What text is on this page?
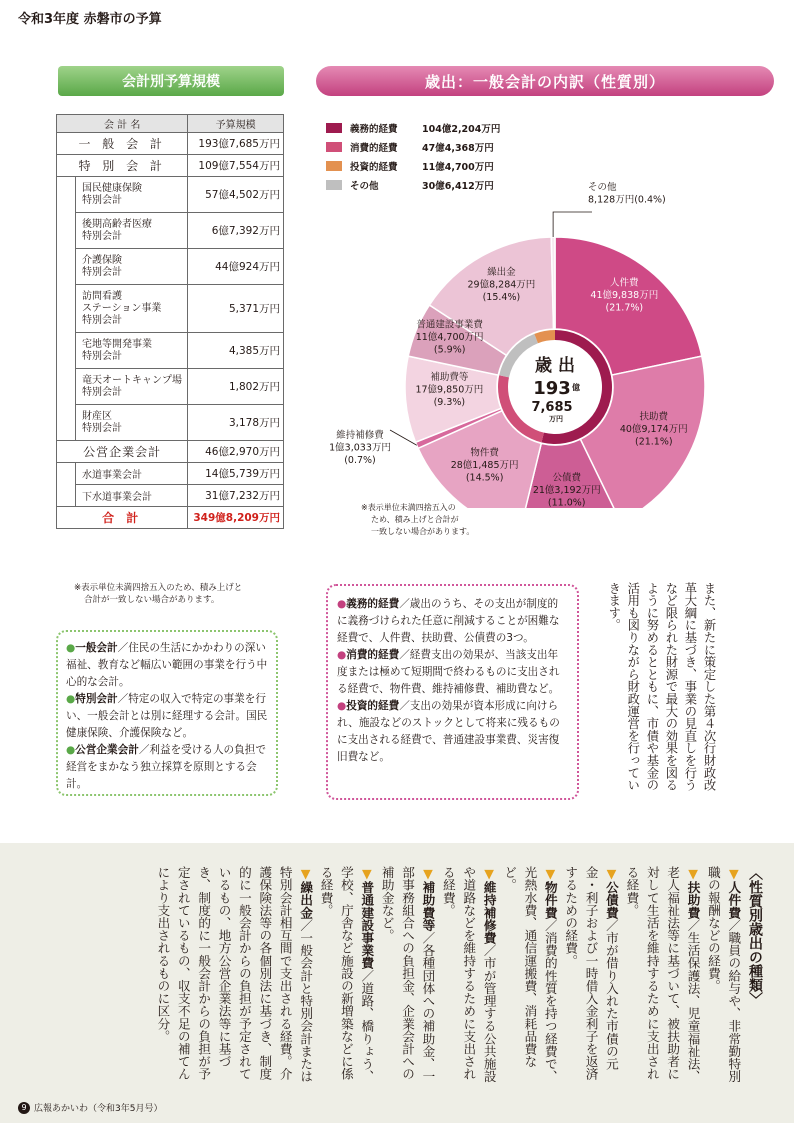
令和3年度 赤磐市の予算
会計別予算規模
会 計 名		予算規模
一 般 会 計		193億7,685万円
特 別 会 計		109億7,554万円
	国民健康保険
特別会計	57億4,502万円
	後期高齢者医療
特別会計	6億7,392万円
	介護保険
特別会計	44億924万円
	訪問看護
ステーション事業
特別会計	5,371万円
	宅地等開発事業
特別会計	4,385万円
	竜天オートキャンプ場
特別会計	1,802万円
	財産区
特別会計	3,178万円
公営企業会計		46億2,970万円
	水道事業会計	14億5,739万円
	下水道事業会計	31億7,232万円
合 計		349億8,209万円
※表示単位未満四捨五入のため、積み上げと
合計が一致しない場合があります。
●一般会計／住民の生活にかかわりの深い福祉、教育など幅広い範囲の事業を行う中心的な会計。
●特別会計／特定の収入で特定の事業を行い、一般会計とは別に経理する会計。国民健康保険、介護保険など。
●公営企業会計／利益を受ける人の負担で経営をまかなう独立採算を原則とする会計。
歳出：一般会計の内訳（性質別）
義務的経費	104億2,204万円
消費的経費	47億4,368万円
投資的経費	11億4,700万円
その他	30億6,412万円
人件費
41億9,838万円
(21.7%)
扶助費
40億9,174万円
(21.1%)
公債費
21億3,192万円
(11.0%)
物件費
28億1,485万円
(14.5%)
維持補修費
1億3,033万円
(0.7%)
補助費等
17億9,850万円
(9.3%)
普通建設事業費
11億4,700万円
(5.9%)
繰出金
29億8,284万円
(15.4%)
その他
8,128万円(0.4%)
歳 出
193 億
7,685
万円
※表示単位未満四捨五入の
ため、積み上げと合計が
一致しない場合があります。
●義務的経費／歳出のうち、その支出が制度的に義務づけられた任意に削減することが困難な経費で、人件費、扶助費、公債費の3つ。
●消費的経費／経費支出の効果が、当該支出年度または極めて短期間で終わるものに支出される経費で、物件費、維持補修費、補助費など。
●投資的経費／支出の効果が資本形成に向けられ、施設などのストックとして将来に残るものに支出される経費で、普通建設事業費、災害復旧費など。	また、新たに策定した第４次行財政改革大綱に基づき、事業の見直しを行うなど限られた財源で最大の効果を図るように努めるとともに、市債や基金の活用も図りながら財政運営を行っていきます。
〈性質別歳出の種類〉
▼人件費／職員の給与や、非常勤特別職の報酬などの経費。
▼扶助費／生活保護法、児童福祉法、老人福祉法等に基づいて、被扶助者に対して生活を維持するために支出される経費。
▼公債費／市が借り入れた市債の元金・利子および一時借入金利子を返済するための経費。
▼物件費／消費的性質を持つ経費で、光熱水費、通信運搬費、消耗品費など。
▼維持補修費／市が管理する公共施設や道路などを維持するために支出される経費。
▼補助費等／各種団体への補助金、一部事務組合への負担金、企業会計への補助金など。
▼普通建設事業費／道路、橋りょう、学校、庁舎など施設の新増築などに係る経費。
▼繰出金／一般会計と特別会計または特別会計相互間で支出される経費。介護保険法等の各個別法に基づき、制度的に一般会計からの負担が予定されているもの、地方公営企業法等に基づき、制度的に一般会計からの負担が予定されているもの、収支不足の補てんにより支出されるものに区分。
9 広報あかいわ（令和3年5月号）
